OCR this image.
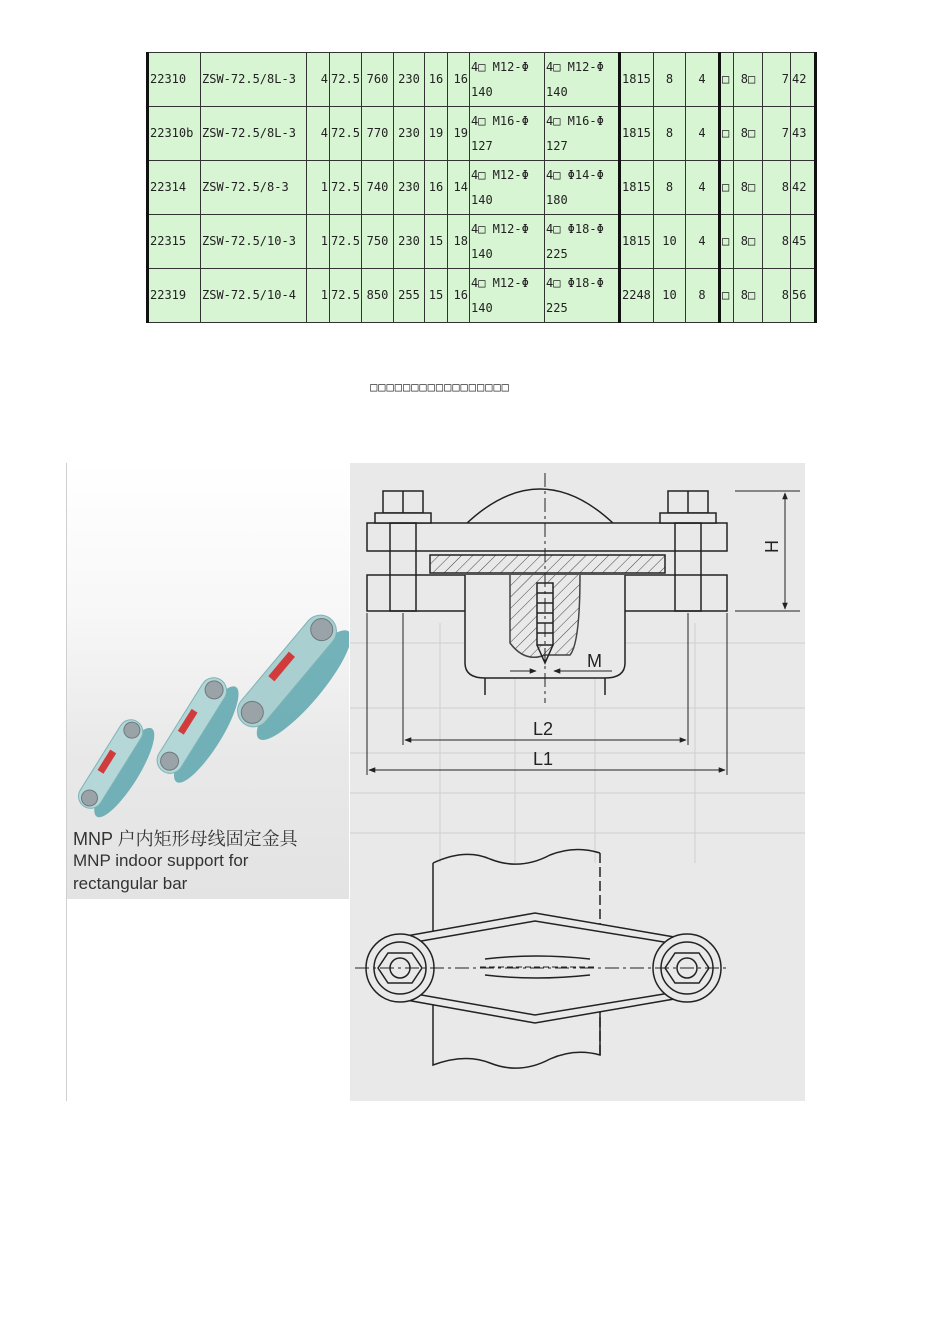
22310	ZSW-72.5/8L-3	4	72.5	760	230	16	16	4□ M12-Φ 140	4□ M12-Φ 140	1815	8	4	□	8□	7	42
22310b	ZSW-72.5/8L-3	4	72.5	770	230	19	19	4□ M16-Φ 127	4□ M16-Φ 127	1815	8	4	□	8□	7	43
22314	ZSW-72.5/8-3	1	72.5	740	230	16	14	4□ M12-Φ 140	4□ Φ14-Φ 180	1815	8	4	□	8□	8	42
22315	ZSW-72.5/10-3	1	72.5	750	230	15	18	4□ M12-Φ 140	4□ Φ18-Φ 225	1815	10	4	□	8□	8	45
22319	ZSW-72.5/10-4	1	72.5	850	255	15	16	4□ M12-Φ 140	4□ Φ18-Φ 225	2248	10	8	□	8□	8	56
□□□□□□□□□□□□□□□□□
MNP 户内矩形母线固定金具
MNP indoor support for
rectangular bar
H
M
L2
L1
